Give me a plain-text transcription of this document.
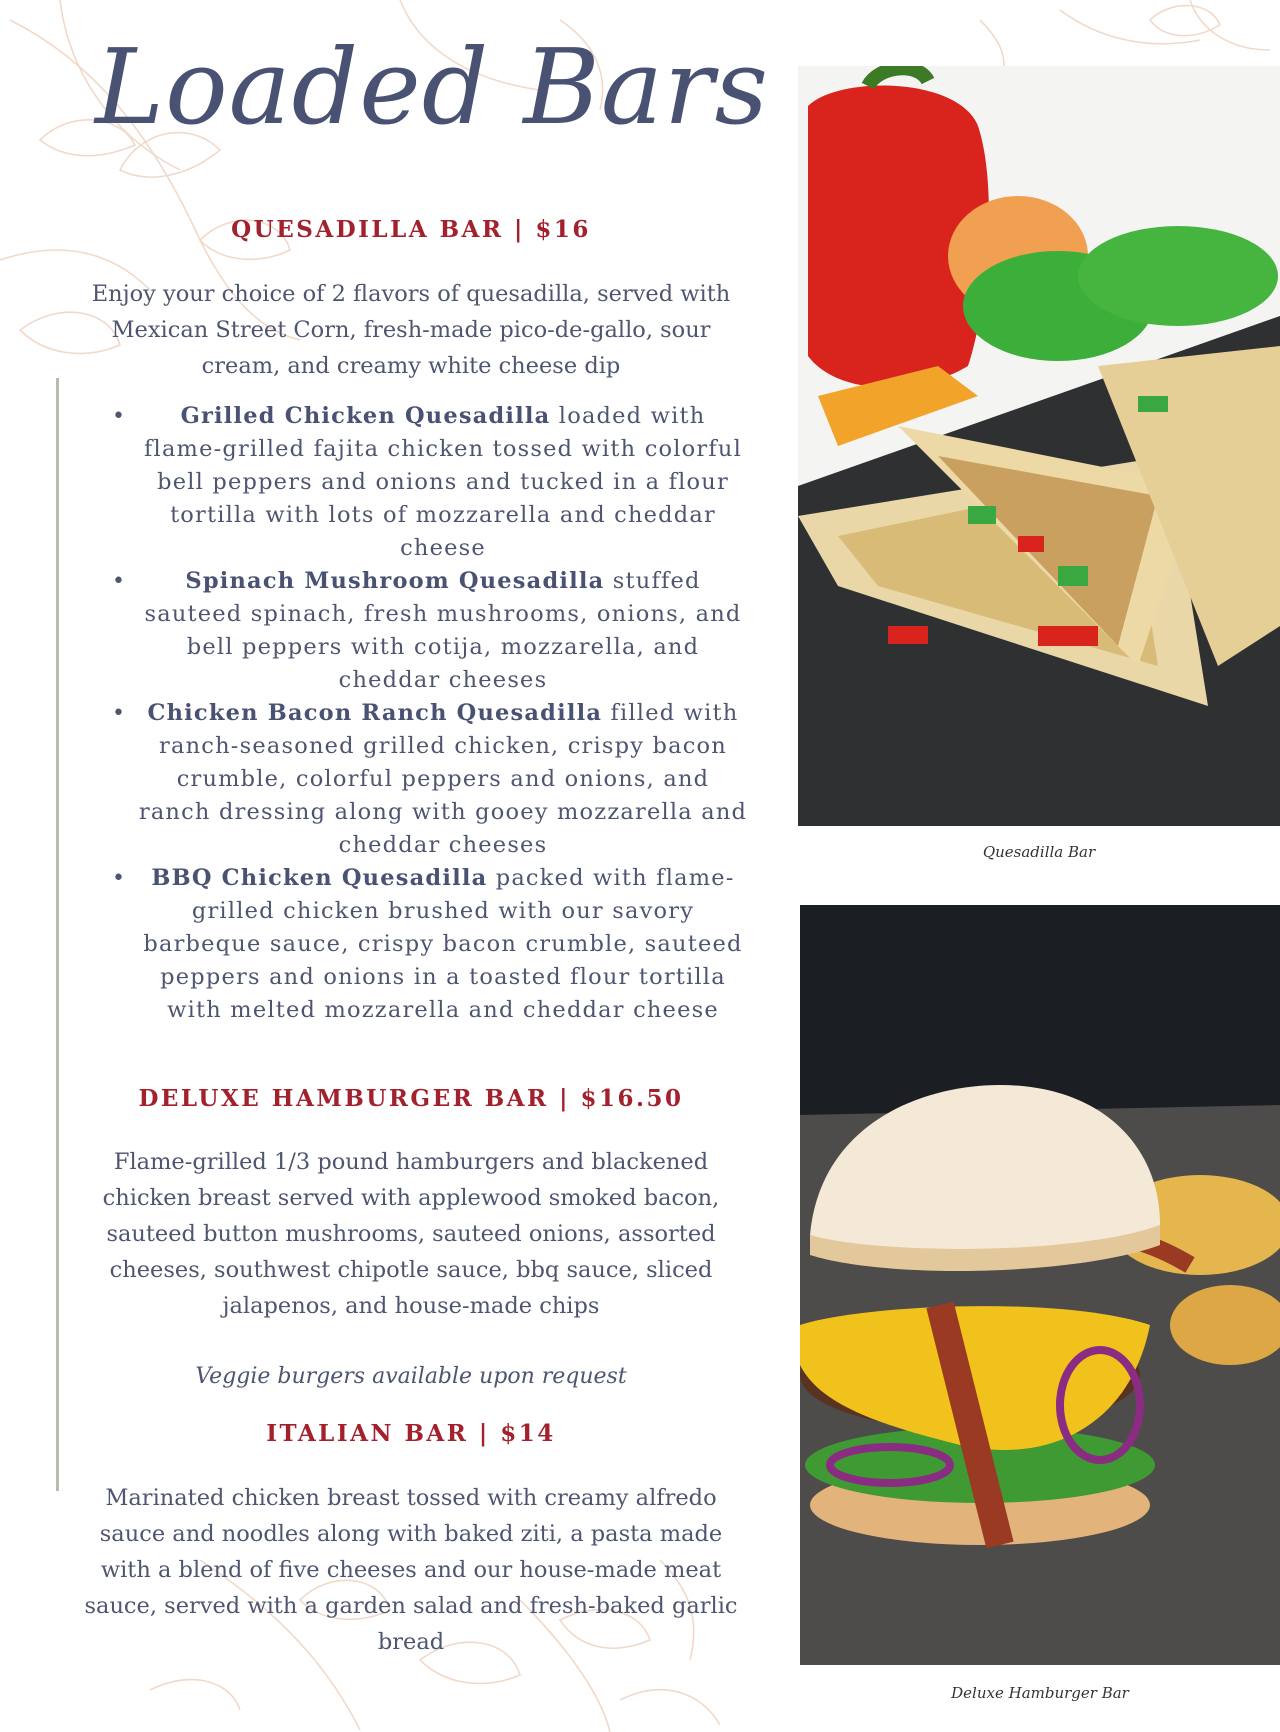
Loaded Bars
QUESADILLA BAR | $16

Enjoy your choice of 2 flavors of quesadilla, served with Mexican Street Corn, fresh-made pico-de-gallo, sour cream, and creamy white cheese dip

• Grilled Chicken Quesadilla loaded with flame-grilled fajita chicken tossed with colorful bell peppers and onions and tucked in a flour tortilla with lots of mozzarella and cheddar cheese
•	Spinach Mushroom Quesadilla stuffed sauteed spinach, fresh mushrooms, onions, and bell peppers with cotija, mozzarella, and cheddar cheeses
• Chicken Bacon Ranch Quesadilla filled with ranch-seasoned grilled chicken, crispy bacon crumble, colorful peppers and onions, and ranch dressing along with gooey mozzarella and cheddar cheeses
• BBQ Chicken Quesadilla packed with flame-grilled chicken brushed with our savory barbeque sauce, crispy bacon crumble, sauteed peppers and onions in a toasted flour tortilla with melted mozzarella and cheddar cheese
DELUXE HAMBURGER BAR | $16.50

Flame-grilled 1/3 pound hamburgers and blackened chicken breast served with applewood smoked bacon, sauteed button mushrooms, sauteed onions, assorted cheeses, southwest chipotle sauce, bbq sauce, sliced jalapenos, and house-made chips

Veggie burgers available upon request

ITALIAN BAR | $14

Marinated chicken breast tossed with creamy alfredo sauce and noodles along with baked ziti, a pasta made with a blend of five cheeses and our house-made meat sauce, served with a garden salad and fresh-baked garlic bread

Quesadilla Bar

Deluxe Hamburger Bar
